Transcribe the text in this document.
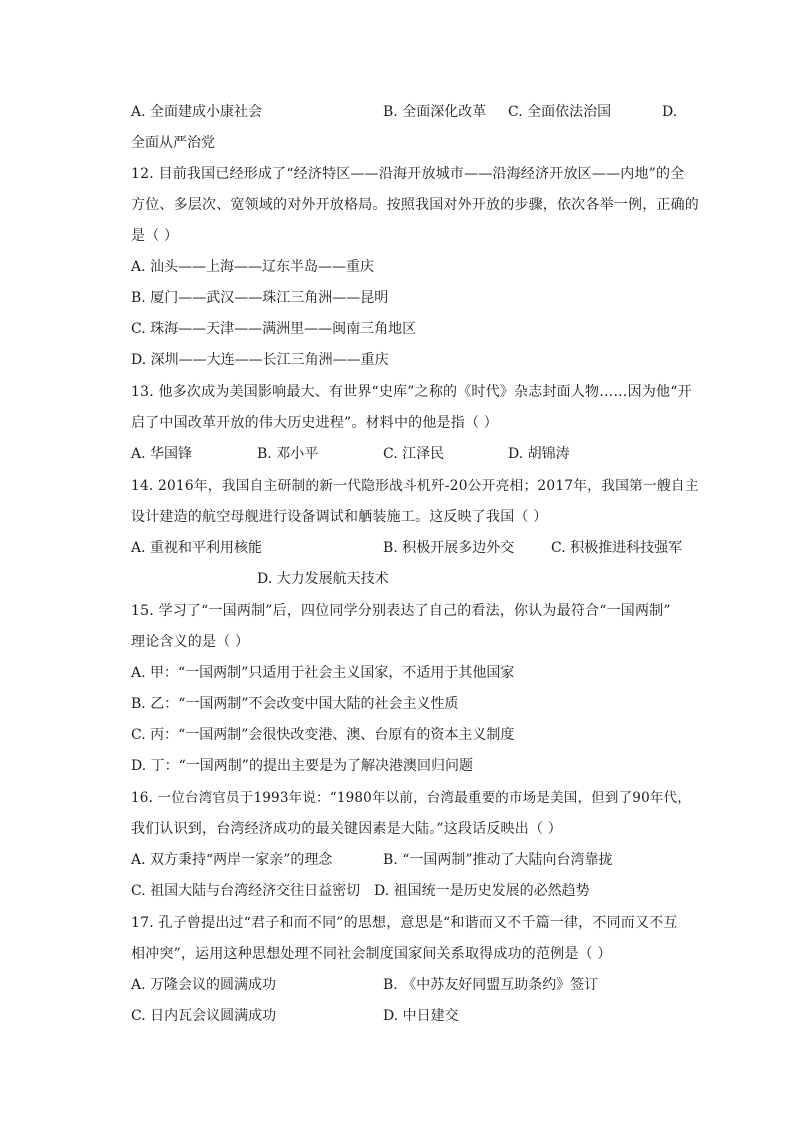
A. 全面建成小康社会	B. 全面深化改革 C. 全面依法治国	D.
全面从严治党
12. 目前我国已经形成了“经济特区——沿海开放城市——沿海经济开放区——内地”的全
方位、多层次、宽领域的对外开放格局。按照我国对外开放的步骤，依次各举一例，正确的
是（ ）
A. 汕头——上海——辽东半岛——重庆
B. 厦门——武汉——珠江三角洲——昆明
C. 珠海——天津——满洲里——闽南三角地区
D. 深圳——大连——长江三角洲——重庆
13. 他多次成为美国影响最大、有世界“史库”之称的《时代》杂志封面人物……因为他“开
启了中国改革开放的伟大历史进程”。材料中的他是指（ ）
A. 华国锋	B. 邓小平	C. 江泽民	D. 胡锦涛
14. 2016年，我国自主研制的新一代隐形战斗机歼-20公开亮相；2017年，我国第一艘自主
设计建造的航空母舰进行设备调试和舾装施工。这反映了我国（ ）
A. 重视和平利用核能	B. 积极开展多边外交	C. 积极推进科技强军
D. 大力发展航天技术
15. 学习了“一国两制”后，四位同学分别表达了自己的看法，你认为最符合“一国两制”
理论含义的是（ ）
A. 甲：“一国两制”只适用于社会主义国家，不适用于其他国家
B. 乙：“一国两制”不会改变中国大陆的社会主义性质
C. 丙：“一国两制”会很快改变港、澳、台原有的资本主义制度
D. 丁：“一国两制”的提出主要是为了解决港澳回归问题
16. 一位台湾官员于1993年说：“1980年以前，台湾最重要的市场是美国，但到了90年代，
我们认识到，台湾经济成功的最关键因素是大陆。”这段话反映出（ ）
A. 双方秉持“两岸一家亲”的理念	B. “一国两制”推动了大陆向台湾靠拢
C. 祖国大陆与台湾经济交往日益密切 D. 祖国统一是历史发展的必然趋势
17. 孔子曾提出过“君子和而不同”的思想，意思是“和谐而又不千篇一律，不同而又不互
相冲突”，运用这种思想处理不同社会制度国家间关系取得成功的范例是（ ）
A. 万隆会议的圆满成功	B. 《中苏友好同盟互助条约》签订
C. 日内瓦会议圆满成功	D. 中日建交
